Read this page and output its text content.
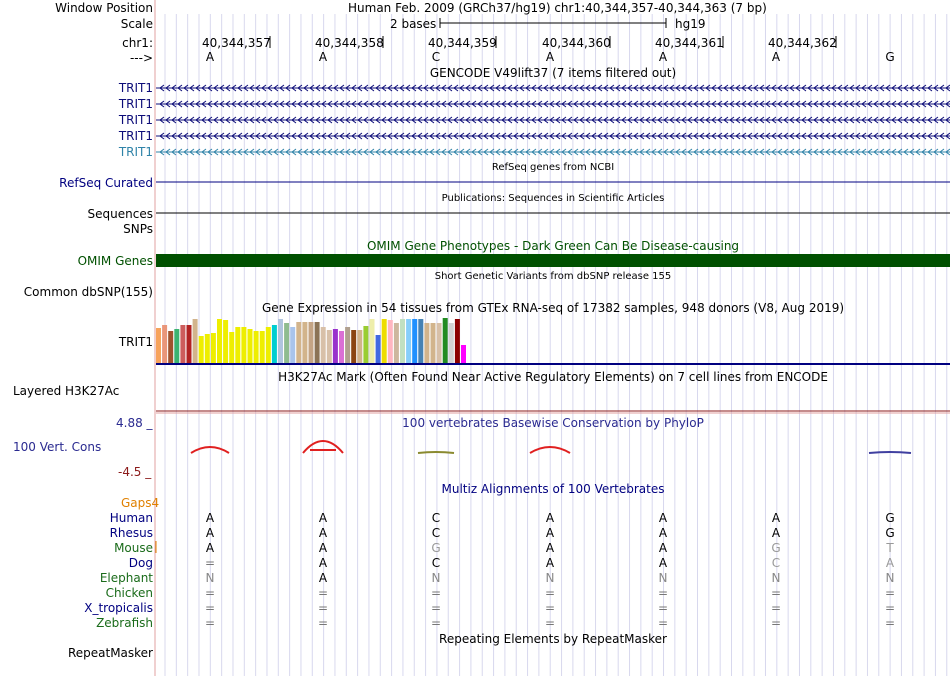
Window Position	Human Feb. 2009 (GRCh37/hg19) chr1:40,344,357-40,344,363 (7 bp)
Scale	2 bases	hg19
chr1:
--->
40,344,357	40,344,358	40,344,359	40,344,360	40,344,361	40,344,362
A	A	C	A	A	A	G
GENCODE V49lift37 (7 items filtered out)
TRIT1
TRIT1
TRIT1
TRIT1
TRIT1
RefSeq genes from NCBI
RefSeq Curated
Publications: Sequences in Scientific Articles
Sequences
SNPs
OMIM Gene Phenotypes - Dark Green Can Be Disease-causing
OMIM Genes
Short Genetic Variants from dbSNP release 155
Common dbSNP(155)
Gene Expression in 54 tissues from GTEx RNA-seq of 17382 samples, 948 donors (V8, Aug 2019)
TRIT1
H3K27Ac Mark (Often Found Near Active Regulatory Elements) on 7 cell lines from ENCODE
Layered H3K27Ac
100 vertebrates Basewise Conservation by PhyloP
4.88 _
100 Vert. Cons
-4.5 _
Multiz Alignments of 100 Vertebrates
Gaps4
Human	A	A	C	A	A	A	G
Rhesus	A	A	C	A	A	A	G
Mouse	A	A	G	A	A	G	T
Dog	=	A	C	A	A	C	A
Elephant	N	A	N	N	N	N	N
Chicken	=	=	=	=	=	=	=
X_tropicalis	=	=	=	=	=	=	=
Zebrafish	=	=	=	=	=	=	=
Repeating Elements by RepeatMasker
RepeatMasker
